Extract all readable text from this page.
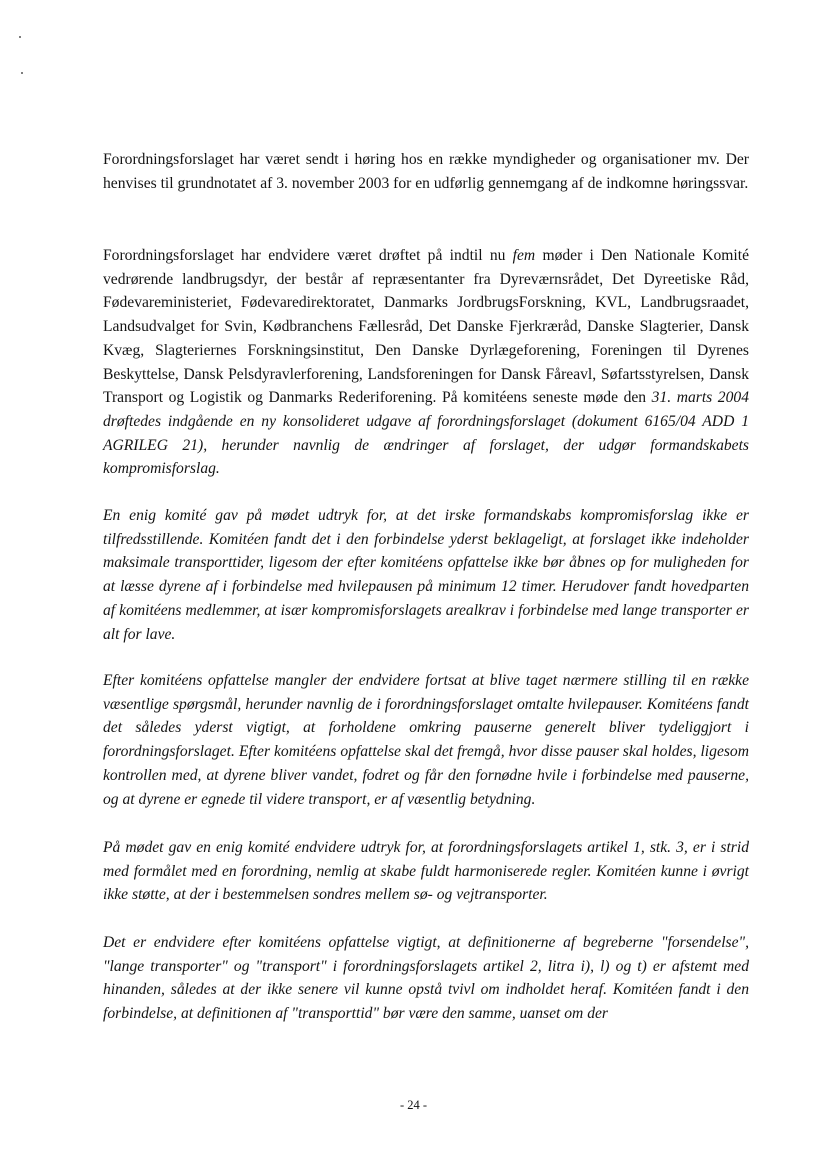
Forordningsforslaget har været sendt i høring hos en række myndigheder og organisationer mv. Der henvises til grundnotatet af 3. november 2003 for en udførlig gennemgang af de indkomne høringssvar.

Forordningsforslaget har endvidere været drøftet på indtil nu fem møder i Den Nationale Komité vedrørende landbrugsdyr, der består af repræsentanter fra Dyreværnsrådet, Det Dyreetiske Råd, Fødevareministeriet, Fødevaredirektoratet, Danmarks JordbrugsForskning, KVL, Landbrugsraadet, Landsudvalget for Svin, Kødbranchens Fællesråd, Det Danske Fjerkræråd, Danske Slagterier, Dansk Kvæg, Slagteriernes Forskningsinstitut, Den Danske Dyrlægeforening, Foreningen til Dyrenes Beskyttelse, Dansk Pelsdyravlerforening, Landsforeningen for Dansk Fåreavl, Søfartsstyrelsen, Dansk Transport og Logistik og Danmarks Rederiforening. På komitéens seneste møde den 31. marts 2004 drøftedes indgående en ny konsolideret udgave af forordningsforslaget (dokument 6165/04 ADD 1 AGRILEG 21), herunder navnlig de ændringer af forslaget, der udgør formandskabets kompromisforslag.

En enig komité gav på mødet udtryk for, at det irske formandskabs kompromisforslag ikke er tilfredsstillende. Komitéen fandt det i den forbindelse yderst beklageligt, at forslaget ikke indeholder maksimale transporttider, ligesom der efter komitéens opfattelse ikke bør åbnes op for muligheden for at læsse dyrene af i forbindelse med hvilepausen på minimum 12 timer. Herudover fandt hovedparten af komitéens medlemmer, at især kompromisforslagets arealkrav i forbindelse med lange transporter er alt for lave.

Efter komitéens opfattelse mangler der endvidere fortsat at blive taget nærmere stilling til en række væsentlige spørgsmål, herunder navnlig de i forordningsforslaget omtalte hvilepauser. Komitéens fandt det således yderst vigtigt, at forholdene omkring pauserne generelt bliver tydeliggjort i forordningsforslaget. Efter komitéens opfattelse skal det fremgå, hvor disse pauser skal holdes, ligesom kontrollen med, at dyrene bliver vandet, fodret og får den fornødne hvile i forbindelse med pauserne, og at dyrene er egnede til videre transport, er af væsentlig betydning.

På mødet gav en enig komité endvidere udtryk for, at forordningsforslagets artikel 1, stk. 3, er i strid med formålet med en forordning, nemlig at skabe fuldt harmoniserede regler. Komitéen kunne i øvrigt ikke støtte, at der i bestemmelsen sondres mellem sø- og vejtransporter.

Det er endvidere efter komitéens opfattelse vigtigt, at definitionerne af begreberne "forsendelse", "lange transporter" og "transport" i forordningsforslagets artikel 2, litra i), l) og t) er afstemt med hinanden, således at der ikke senere vil kunne opstå tvivl om indholdet heraf. Komitéen fandt i den forbindelse, at definitionen af "transporttid" bør være den samme, uanset om der

- 24 -
